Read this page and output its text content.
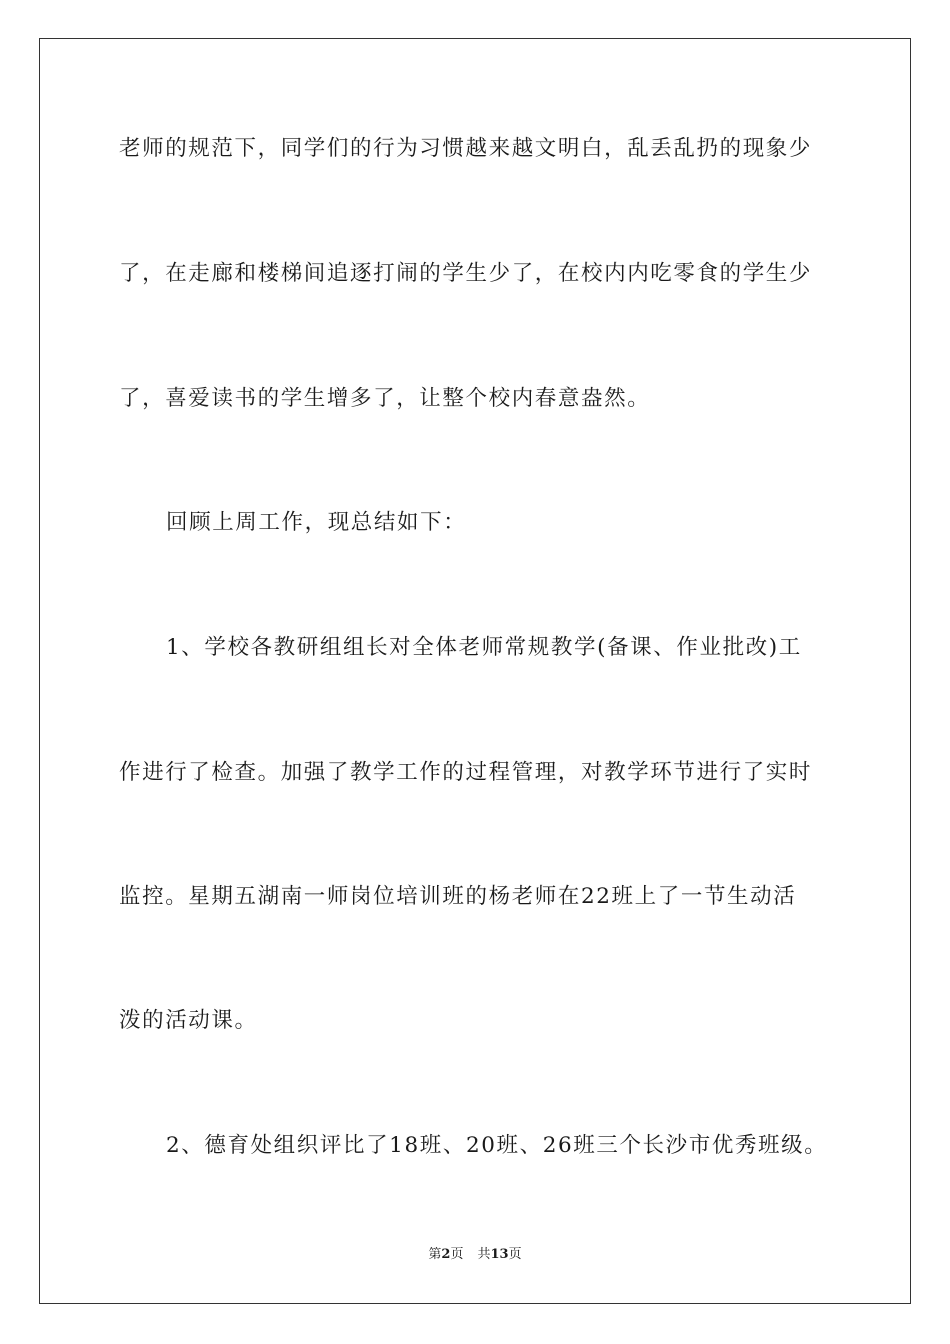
老师的规范下，同学们的行为习惯越来越文明白，乱丢乱扔的现象少
了，在走廊和楼梯间追逐打闹的学生少了，在校内内吃零食的学生少
了，喜爱读书的学生增多了，让整个校内春意盎然。
回顾上周工作，现总结如下：
1、学校各教研组组长对全体老师常规教学(备课、作业批改)工
作进行了检查。加强了教学工作的过程管理，对教学环节进行了实时
监控。星期五湖南一师岗位培训班的杨老师在22班上了一节生动活
泼的活动课。
2、德育处组织评比了18班、20班、26班三个长沙市优秀班级。
第2页 共13页
